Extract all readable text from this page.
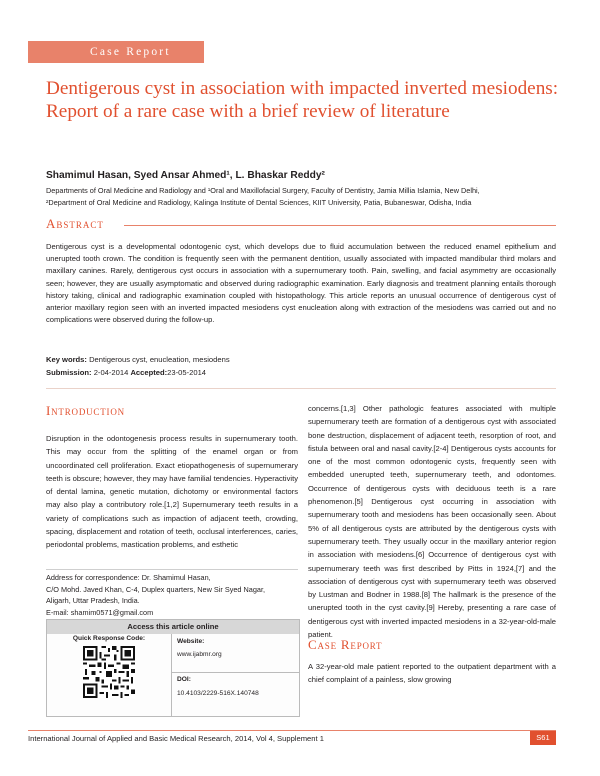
Case Report
Dentigerous cyst in association with impacted inverted mesiodens: Report of a rare case with a brief review of literature
Shamimul Hasan, Syed Ansar Ahmed¹, L. Bhaskar Reddy²
Departments of Oral Medicine and Radiology and ¹Oral and Maxillofacial Surgery, Faculty of Dentistry, Jamia Millia Islamia, New Delhi,
²Department of Oral Medicine and Radiology, Kalinga Institute of Dental Sciences, KIIT University, Patia, Bubaneswar, Odisha, India
Abstract
Dentigerous cyst is a developmental odontogenic cyst, which develops due to fluid accumulation between the reduced enamel epithelium and unerupted tooth crown. The condition is frequently seen with the permanent dentition, usually associated with impacted mandibular third molars and maxillary canines. Rarely, dentigerous cyst occurs in association with a supernumerary tooth. Pain, swelling, and facial asymmetry are occasionally seen; however, they are usually asymptomatic and observed during radiographic examination. Early diagnosis and treatment planning entails thorough history taking, clinical and radiographic examination coupled with histopathology. This article reports an unusual occurrence of dentigerous cyst of anterior maxillary region seen with an inverted impacted mesiodens cyst enucleation along with extraction of the mesiodens was carried out and no complications were observed during the follow-up.
Key words: Dentigerous cyst, enucleation, mesiodens
Submission: 2-04-2014 Accepted:23-05-2014
Introduction
Disruption in the odontogenesis process results in supernumerary tooth. This may occur from the splitting of the enamel organ or from uncoordinated cell proliferation. Exact etiopathogenesis of supernumerary teeth is obscure; however, they may have familial tendencies. Hyperactivity of dental lamina, genetic mutation, dichotomy or environmental factors may also play a contributory role.[1,2] Supernumerary teeth results in a variety of complications such as impaction of adjacent teeth, crowding, spacing, displacement and rotation of teeth, occlusal interferences, caries, periodontal problems, mastication problems, and esthetic
Address for correspondence: Dr. Shamimul Hasan,
C/O Mohd. Javed Khan, C-4, Duplex quarters, New Sir Syed Nagar,
Aligarh, Uttar Pradesh, India.
E-mail: shamim0571@gmail.com
Access this article online
Quick Response Code:	Website:
www.ijabmr.org
DOI:
10.4103/2229-516X.140748
concerns.[1,3] Other pathologic features associated with multiple supernumerary teeth are formation of a dentigerous cyst with associated bone destruction, displacement of adjacent teeth, resorption of root, and fistula between oral and nasal cavity.[2-4] Dentigerous cysts accounts for one of the most common odontogenic cysts, frequently seen with embedded unerupted teeth, supernumerary teeth, and odontomes. Occurrence of dentigerous cysts with deciduous teeth is a rare phenomenon.[5] Dentigerous cyst occurring in association with supernumerary tooth and mesiodens has been occasionally seen. About 5% of all dentigerous cysts are attributed by the dentigerous cysts with supernumerary teeth. They usually occur in the maxillary anterior region in association with mesiodens.[6] Occurrence of dentigerous cyst with supernumerary teeth was first described by Pitts in 1924,[7] and the association of dentigerous cyst with supernumerary teeth was observed by Lustman and Bodner in 1988.[8] The hallmark is the presence of the unerupted tooth in the cyst cavity.[9] Hereby, presenting a rare case of dentigerous cyst with inverted impacted mesiodens in a 32-year-old-male patient.
Case Report
A 32-year-old male patient reported to the outpatient department with a chief complaint of a painless, slow growing
International Journal of Applied and Basic Medical Research, 2014, Vol 4, Supplement 1	S61
